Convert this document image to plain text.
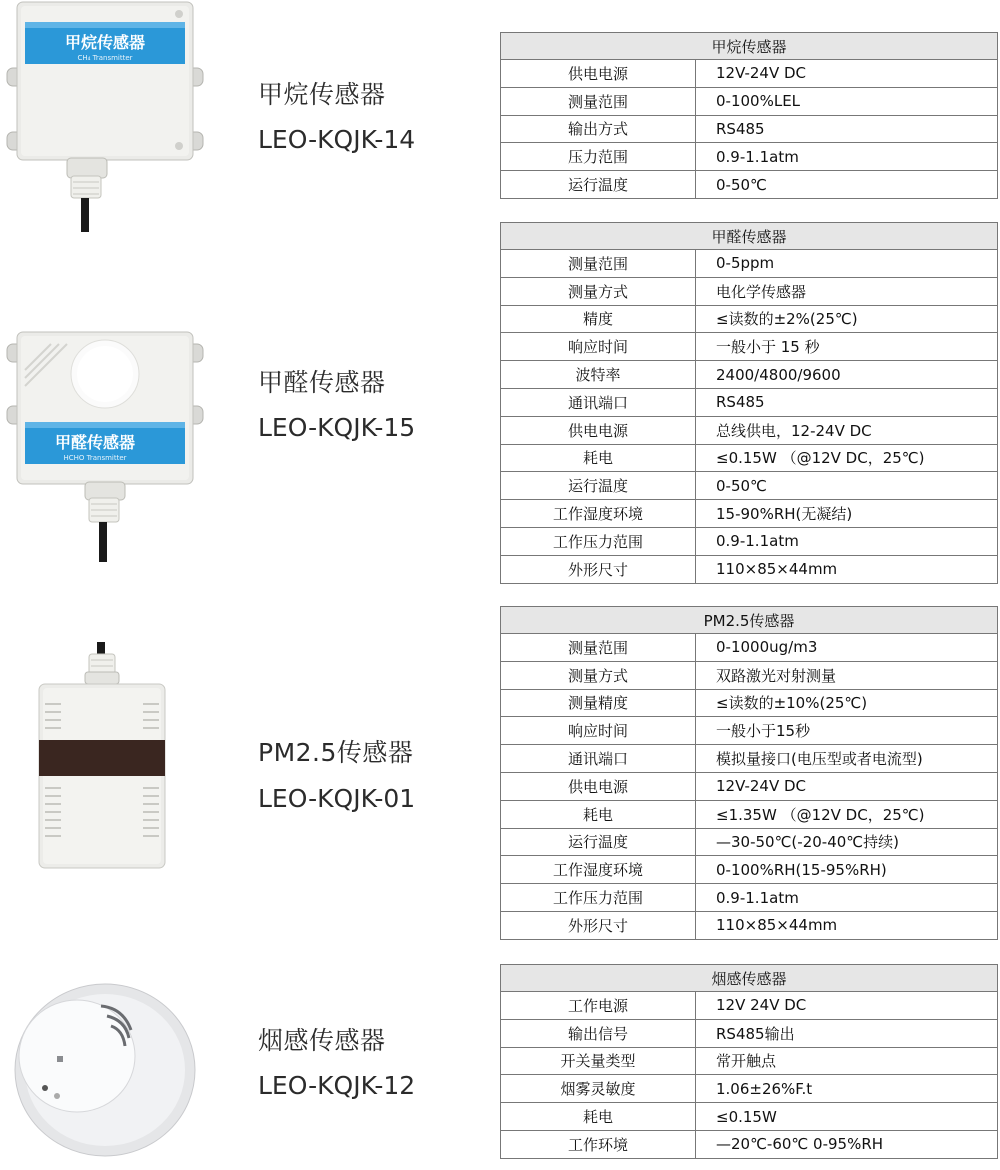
甲烷传感器
CH₄ Transmitter
甲烷传感器
LEO-KQJK-14
甲烷传感器	
供电电源	12V-24V DC
测量范围	0-100%LEL
输出方式	RS485
压力范围	0.9-1.1atm
运行温度	0-50℃
甲醛传感器
HCHO Transmitter
甲醛传感器
LEO-KQJK-15
甲醛传感器	
测量范围	0-5ppm
测量方式	电化学传感器
精度	≤读数的±2%(25℃)
响应时间	一般小于 15 秒
波特率	2400/4800/9600
通讯端口	RS485
供电电源	总线供电，12-24V DC
耗电	≤0.15W （@12V DC，25℃)
运行温度	0-50℃
工作湿度环境	15-90%RH(无凝结)
工作压力范围	0.9-1.1atm
外形尺寸	110×85×44mm
PM2.5传感器
LEO-KQJK-01
PM2.5传感器	
测量范围	0-1000ug/m3
测量方式	双路激光对射测量
测量精度	≤读数的±10%(25℃)
响应时间	一般小于15秒
通讯端口	模拟量接口(电压型或者电流型)
供电电源	12V-24V DC
耗电	≤1.35W （@12V DC，25℃)
运行温度	—30-50℃(-20-40℃持续)
工作湿度环境	0-100%RH(15-95%RH)
工作压力范围	0.9-1.1atm
外形尺寸	110×85×44mm
烟感传感器
LEO-KQJK-12
烟感传感器	
工作电源	12V 24V DC
输出信号	RS485输出
开关量类型	常开触点
烟雾灵敏度	1.06±26%F.t
耗电	≤0.15W
工作环境	—20℃-60℃ 0-95%RH
